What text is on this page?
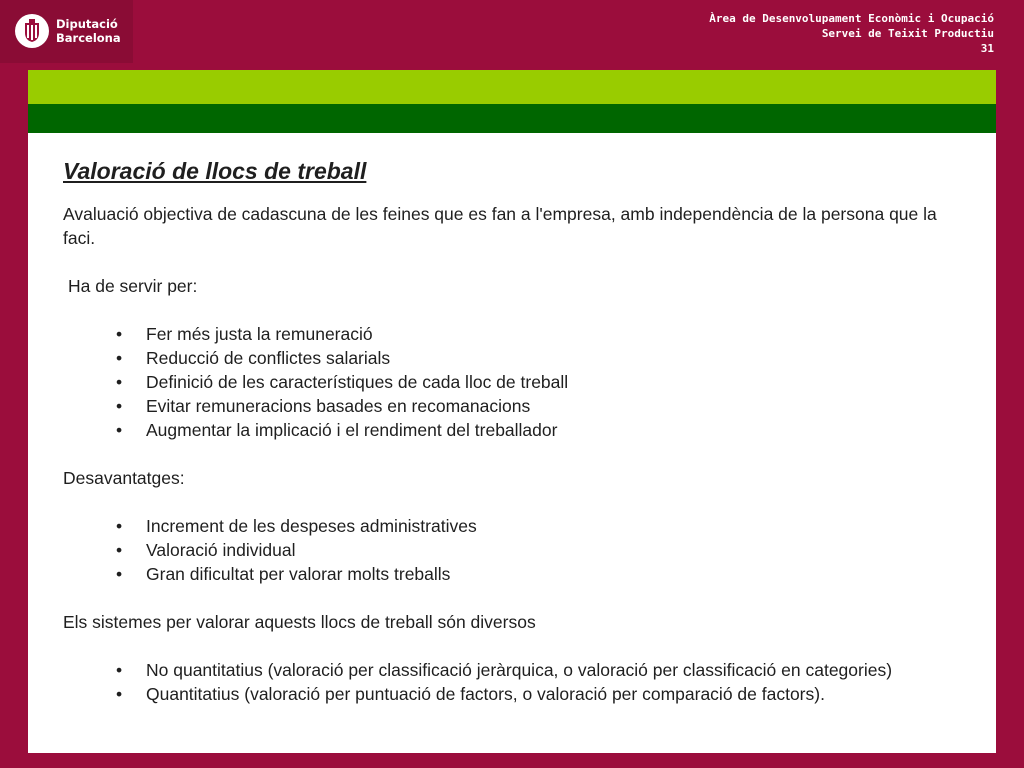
Diputació
Barcelona
Àrea de Desenvolupament Econòmic i Ocupació
Servei de Teixit Productiu
31
Valoració de llocs de treball

Avaluació objectiva de cadascuna de les feines que es fan a l'empresa, amb independència de la persona que la faci.

Ha de servir per:

• Fer més justa la remuneració
• Reducció de conflictes salarials
• Definició de les característiques de cada lloc de treball
• Evitar remuneracions basades en recomanacions
• Augmentar la implicació i el rendiment del treballador

Desavantatges:

• Increment de les despeses administratives
• Valoració individual
• Gran dificultat per valorar molts treballs

Els sistemes per valorar aquests llocs de treball són diversos

• No quantitatius (valoració per classificació jeràrquica, o valoració per classificació en categories)
• Quantitatius (valoració per puntuació de factors, o valoració per comparació de factors).
